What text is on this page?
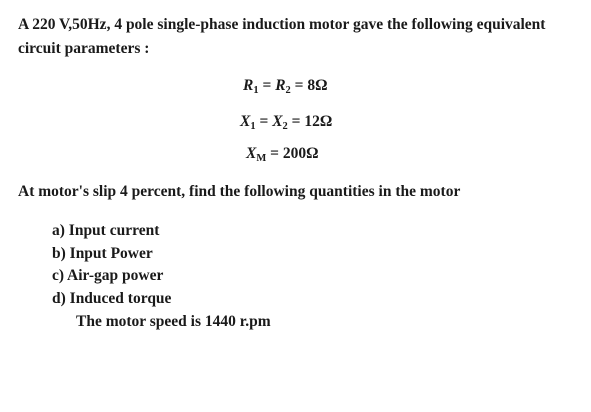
A 220 V,50Hz, 4 pole single-phase induction motor gave the following equivalent circuit parameters :
$R_1 = R_2 = 8\Omega$
$X_1 = X_2 = 12\Omega$
$X_M = 200\Omega$
At motor's slip 4 percent, find the following quantities in the motor
a) Input current
b) Input Power
c) Air-gap power
d) Induced torque
The motor speed is 1440 r.pm
